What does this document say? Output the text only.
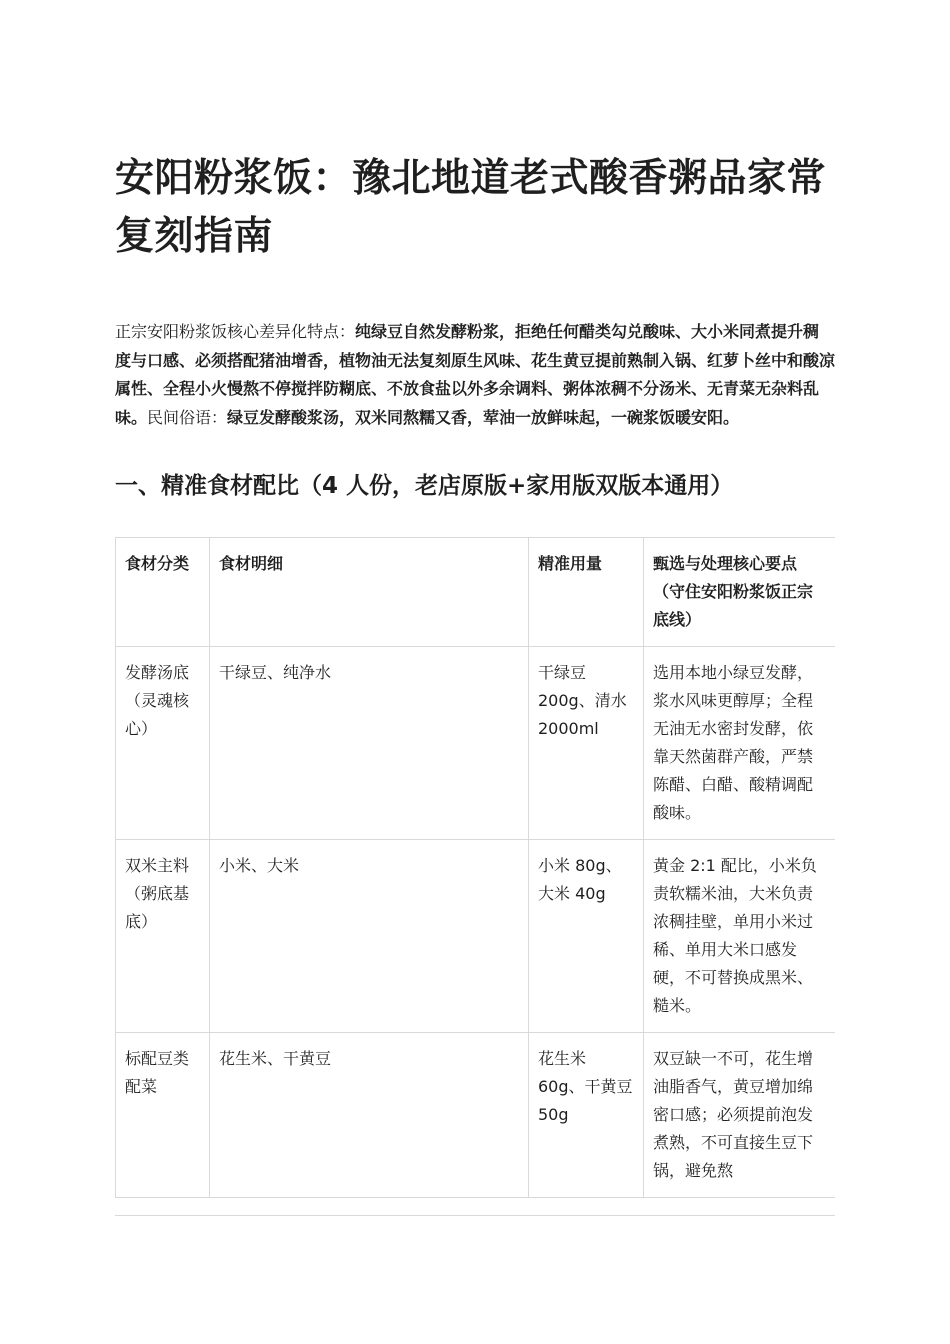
安阳粉浆饭：豫北地道老式酸香粥品家常复刻指南

正宗安阳粉浆饭核心差异化特点：纯绿豆自然发酵粉浆，拒绝任何醋类勾兑酸味、大小米同煮提升稠度与口感、必须搭配猪油增香，植物油无法复刻原生风味、花生黄豆提前熟制入锅、红萝卜丝中和酸凉属性、全程小火慢熬不停搅拌防糊底、不放食盐以外多余调料、粥体浓稠不分汤米、无青菜无杂料乱味。民间俗语：绿豆发酵酸浆汤，双米同熬糯又香，荤油一放鲜味起，一碗浆饭暖安阳。

一、精准食材配比（4 人份，老店原版+家用版双版本通用）
食材分类	食材明细	精准用量	甄选与处理核心要点（守住安阳粉浆饭正宗底线）
发酵汤底（灵魂核心）	干绿豆、纯净水	干绿豆 200g、清水 2000ml	选用本地小绿豆发酵，浆水风味更醇厚；全程无油无水密封发酵，依靠天然菌群产酸，严禁陈醋、白醋、酸精调配酸味。
双米主料（粥底基底）	小米、大米	小米 80g、大米 40g	黄金 2:1 配比，小米负责软糯米油，大米负责浓稠挂壁，单用小米过稀、单用大米口感发硬，不可替换成黑米、糙米。
标配豆类配菜	花生米、干黄豆	花生米 60g、干黄豆 50g	双豆缺一不可，花生增油脂香气，黄豆增加绵密口感；必须提前泡发煮熟，不可直接生豆下锅，避免熬
